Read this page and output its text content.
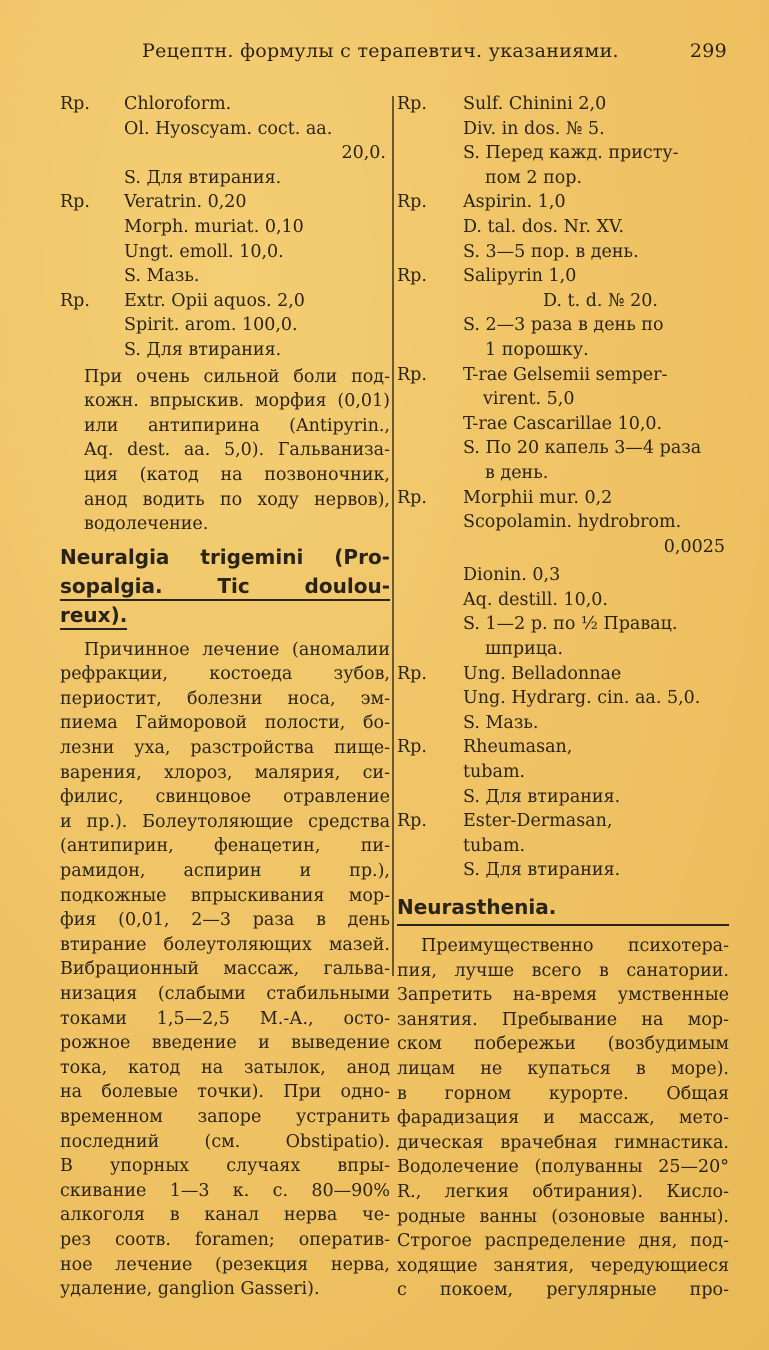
Рецептн. формулы с терапевтич. указаниями.	299
Rp.	Chloroform.
Ol. Hyoscyam. coct. aa.
20,0.
S. Для втирания.
Rp.	Veratrin. 0,20
Morph. muriat. 0,10
Ungt. emoll. 10,0.
S. Мазь.
Rp.	Extr. Opii aquos. 2,0
Spirit. arom. 100,0.
S. Для втирания.
При очень сильной боли под-
кожн. впрыскив. морфия (0,01)
или антипирина (Antipyrin.,
Aq. dest. aa. 5,0). Гальваниза-
ция (катод на позвоночник,
анод водить по ходу нервов),
водолечение.
Neuralgia trigemini (Pro-
sopalgia. Tic doulou-
reux).
Причинное лечение (аномалии
рефракции, костоеда зубов,
периостит, болезни носа, эм-
пиема Гайморовой полости, бо-
лезни уха, разстройства пище-
варения, хлороз, малярия, си-
филис, свинцовое отравление
и пр.). Болеутоляющие средства
(антипирин, фенацетин, пи-
рамидон, аспирин и пр.),
подкожные впрыскивания мор-
фия (0,01, 2—3 раза в день
втирание болеутоляющих мазей.
Вибрационный массаж, гальва-
низация (слабыми стабильными
токами 1,5—2,5 М.-А., осто-
рожное введение и выведение
тока, катод на затылок, анод
на болевые точки). При одно-
временном запоре устранить
последний (см. Obstipatio).
В упорных случаях впры-
скивание 1—3 к. с. 80—90%
алкоголя в канал нерва че-
рез соотв. foramen; оператив-
ное лечение (резекция нерва,
удаление, ganglion Gasseri).
Rp.	Sulf. Chinini 2,0
Div. in dos. № 5.
S. Перед кажд. присту-
пом 2 пор.
Rp.	Aspirin. 1,0
D. tal. dos. Nr. XV.
S. 3—5 пор. в день.
Rp.	Salipyrin 1,0
D. t. d. № 20.
S. 2—3 раза в день по
1 порошку.
Rp.	T-rae Gelsemii semper-
virent. 5,0
T-rae Cascarillae 10,0.
S. По 20 капель 3—4 раза
в день.
Rp.	Morphii mur. 0,2
Scopolamin. hydrobrom.
0,0025
Dionin. 0,3
Aq. destill. 10,0.
S. 1—2 р. по ½ Правац.
шприца.
Rp.	Ung. Belladonnae
Ung. Hydrarg. cin. aa. 5,0.
S. Мазь.
Rp.	Rheumasan,
tubam.
S. Для втирания.
Rp.	Ester-Dermasan,
tubam.
S. Для втирания.
Neurasthenia.
Преимущественно психотера-
пия, лучше всего в санатории.
Запретить на-время умственные
занятия. Пребывание на мор-
ском побережьи (возбудимым
лицам не купаться в море).
в горном курорте. Общая
фарадизация и массаж, мето-
дическая врачебная гимнастика.
Водолечение (полуванны 25—20°
R., легкия обтирания). Кисло-
родные ванны (озоновые ванны).
Строгое распределение дня, под-
ходящие занятия, чередующиеся
с покоем, регулярные про-
